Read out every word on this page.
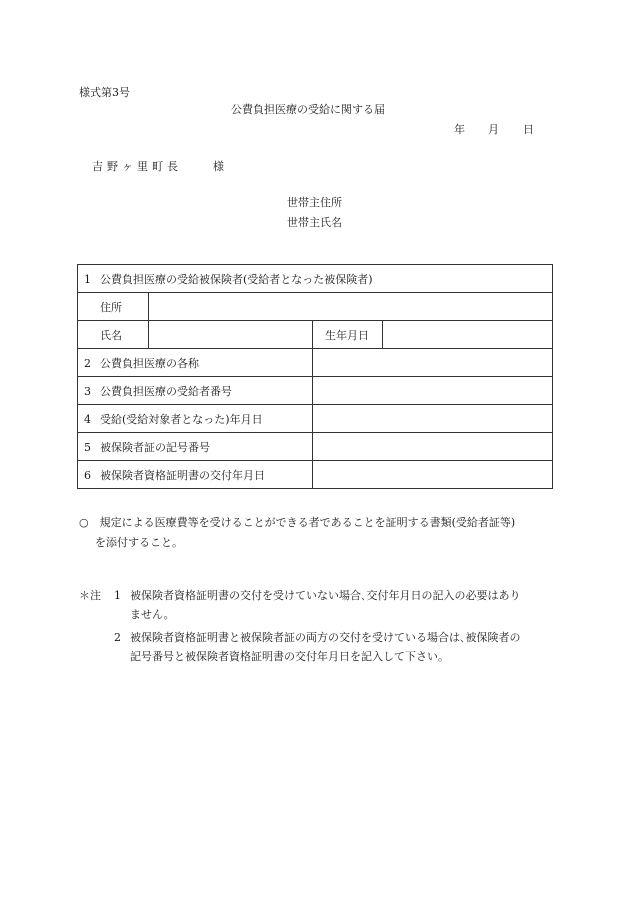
様式第3号
公費負担医療の受給に関する届
年 月 日
吉野ヶ里町長	様
世帯主住所
世帯主氏名
1 公費負担医療の受給被保険者(受給者となった被保険者)			
住所			
氏名		生年月日	
2 公費負担医療の各称			
3 公費負担医療の受給者番号			
4 受給(受給対象者となった)年月日			
5 被保険者証の記号番号			
6 被保険者資格証明書の交付年月日			
○　規定による医療費等を受けることができる者であることを証明する書類(受給者証等)
を添付すること。
＊注 1 被保険者資格証明書の交付を受けていない場合､交付年月日の記入の必要はあり
ません。
2 被保険者資格証明書と被保険者証の両方の交付を受けている場合は､被保険者の
記号番号と被保険者資格証明書の交付年月日を記入して下さい。
